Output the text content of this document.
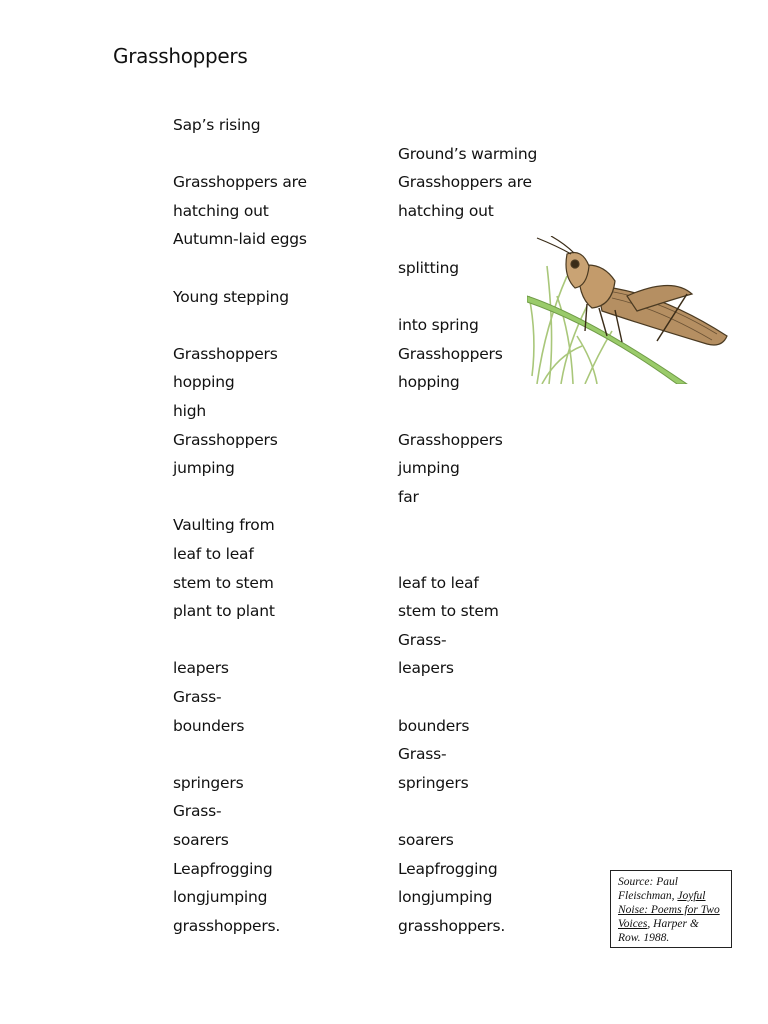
Grasshoppers
Sap’s rising
Grasshoppers are
hatching out
Autumn-laid eggs
Young stepping
Grasshoppers
hopping
high
Grasshoppers
jumping
Vaulting from
leaf to leaf
stem to stem
plant to plant
leapers
Grass-
bounders
springers
Grass-
soarers
Leapfrogging
longjumping
grasshoppers.
Ground’s warming
Grasshoppers are
hatching out
splitting
into spring
Grasshoppers
hopping
Grasshoppers
jumping
far
leaf to leaf
stem to stem
Grass-
leapers
bounders
Grass-
springers
soarers
Leapfrogging
longjumping
grasshoppers.
Source: Paul Fleischman, Joyful Noise: Poems for Two Voices, Harper & Row. 1988.
